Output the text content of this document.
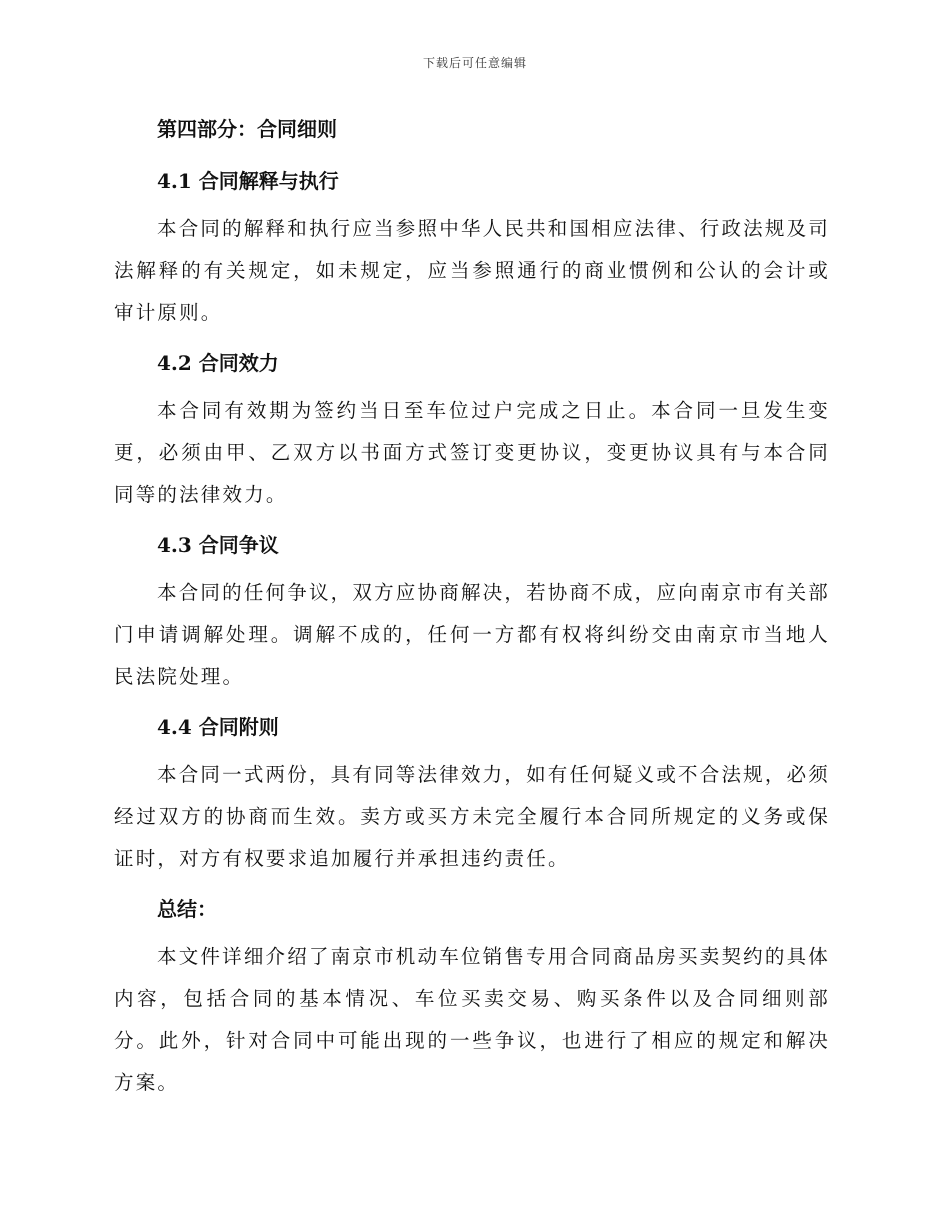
下载后可任意编辑
第四部分：合同细则
4.1 合同解释与执行

本合同的解释和执行应当参照中华人民共和国相应法律、行政法规及司法解释的有关规定，如未规定，应当参照通行的商业惯例和公认的会计或审计原则。

4.2 合同效力

本合同有效期为签约当日至车位过户完成之日止。本合同一旦发生变更，必须由甲、乙双方以书面方式签订变更协议，变更协议具有与本合同同等的法律效力。

4.3 合同争议

本合同的任何争议，双方应协商解决，若协商不成，应向南京市有关部门申请调解处理。调解不成的，任何一方都有权将纠纷交由南京市当地人民法院处理。

4.4 合同附则

本合同一式两份，具有同等法律效力，如有任何疑义或不合法规，必须经过双方的协商而生效。卖方或买方未完全履行本合同所规定的义务或保证时，对方有权要求追加履行并承担违约责任。

总结：

本文件详细介绍了南京市机动车位销售专用合同商品房买卖契约的具体内容，包括合同的基本情况、车位买卖交易、购买条件以及合同细则部分。此外，针对合同中可能出现的一些争议，也进行了相应的规定和解决方案。
